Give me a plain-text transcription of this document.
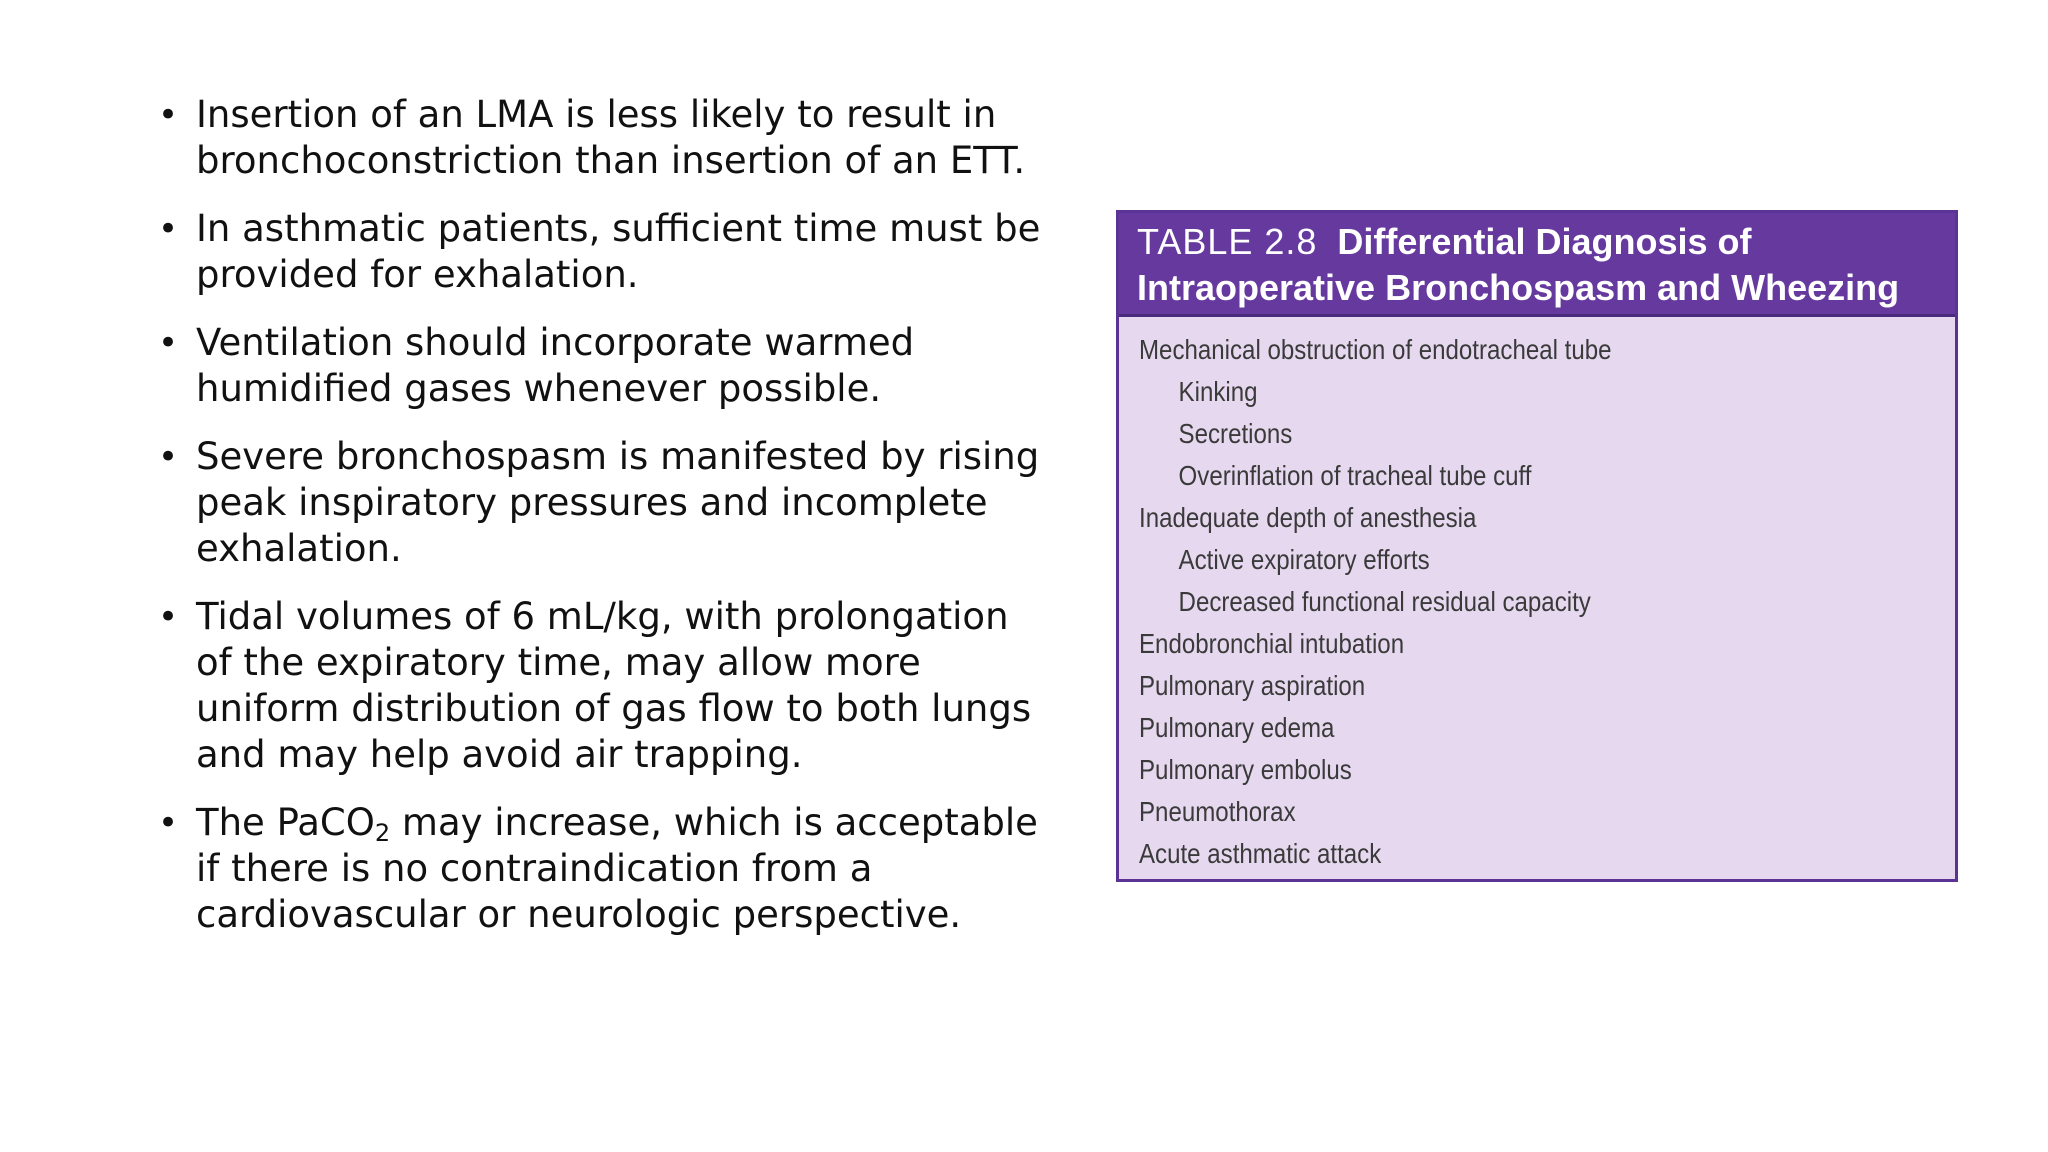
• Insertion of an LMA is less likely to result in bronchoconstriction than insertion of an ETT.
• In asthmatic patients, sufficient time must be provided for exhalation.
• Ventilation should incorporate warmed humidified gases whenever possible.
• Severe bronchospasm is manifested by rising peak inspiratory pressures and incomplete exhalation.
• Tidal volumes of 6 mL/kg, with prolongation of the expiratory time, may allow more uniform distribution of gas flow to both lungs and may help avoid air trapping.
• The PaCO$_2$ may increase, which is acceptable if there is no contraindication from a cardiovascular or neurologic perspective.
TABLE 2.8 Differential Diagnosis of
Intraoperative Bronchospasm and Wheezing
Mechanical obstruction of endotracheal tube
Kinking
Secretions
Overinflation of tracheal tube cuff
Inadequate depth of anesthesia
Active expiratory efforts
Decreased functional residual capacity
Endobronchial intubation
Pulmonary aspiration
Pulmonary edema
Pulmonary embolus
Pneumothorax
Acute asthmatic attack
